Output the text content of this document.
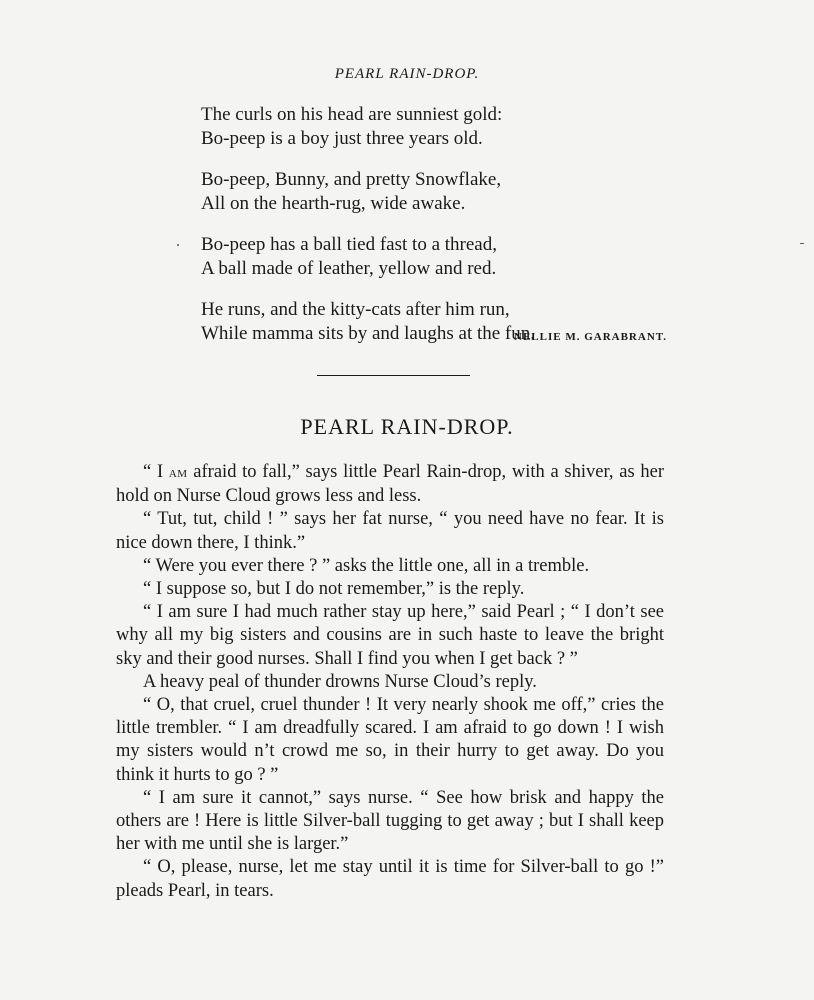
PEARL RAIN-DROP.
The curls on his head are sunniest gold:
Bo-peep is a boy just three years old.
Bo-peep, Bunny, and pretty Snowflake,
All on the hearth-rug, wide awake.
Bo-peep has a ball tied fast to a thread,
A ball made of leather, yellow and red.
He runs, and the kitty-cats after him run,
While mamma sits by and laughs at the fun.
NELLIE M. GARABRANT.
PEARL RAIN-DROP.

“ I am afraid to fall,” says little Pearl Rain-drop, with a shiver, as her hold on Nurse Cloud grows less and less.

“ Tut, tut, child ! ” says her fat nurse, “ you need have no fear. It is nice down there, I think.”

“ Were you ever there ? ” asks the little one, all in a tremble.

“ I suppose so, but I do not remember,” is the reply.

“ I am sure I had much rather stay up here,” said Pearl ; “ I don’t see why all my big sisters and cousins are in such haste to leave the bright sky and their good nurses. Shall I find you when I get back ? ”

A heavy peal of thunder drowns Nurse Cloud’s reply.

“ O, that cruel, cruel thunder ! It very nearly shook me off,” cries the little trembler. “ I am dreadfully scared. I am afraid to go down ! I wish my sisters would n’t crowd me so, in their hurry to get away. Do you think it hurts to go ? ”

“ I am sure it cannot,” says nurse. “ See how brisk and happy the others are ! Here is little Silver-ball tugging to get away ; but I shall keep her with me until she is larger.”

“ O, please, nurse, let me stay until it is time for Silver-ball to go !” pleads Pearl, in tears.
